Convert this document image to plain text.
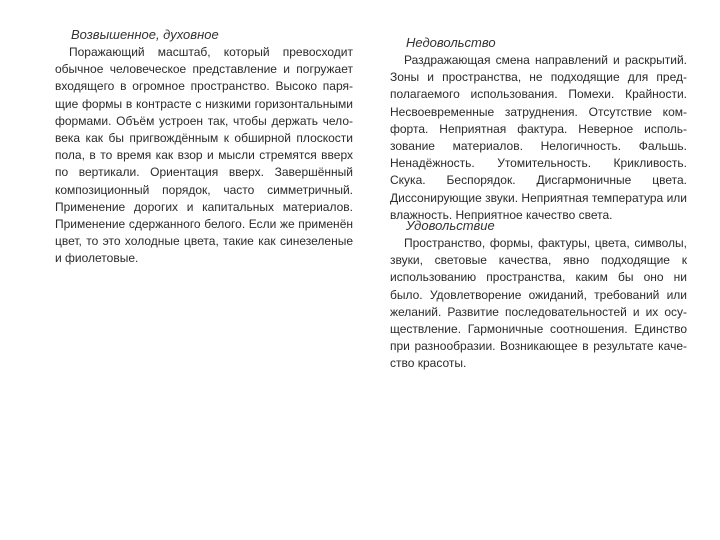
Возвышенное, духовное

Поражающий масштаб, который превосходит обычное человеческое представление и погружает входящего в огромное пространство. Высоко парящие формы в контрасте с низкими горизонтальными формами. Объём устроен так, чтобы держать человека как бы пригвождённым к обширной плоскости пола, в то время как взор и мысли стремятся вверх по вертикали. Ориентация вверх. Завершённый композиционный порядок, часто симметричный. Применение дорогих и капитальных материалов. Применение сдержанного белого. Если же применён цвет, то это холодные цвета, такие как синезеленые и фиолетовые.

Недовольство

Раздражающая смена направлений и раскрытий. Зоны и пространства, не подходящие для предполагаемого использования. Помехи. Крайности. Несвоевременные затруднения. Отсутствие комфорта. Неприятная фактура. Неверное использование материалов. Нелогичность. Фальшь. Ненадёжность. Утомительность. Крикливость. Скука. Беспорядок. Дисгармоничные цвета. Диссонирующие звуки. Неприятная температура или влажность. Неприятное качество света.

Удовольствие

Пространство, формы, фактуры, цвета, символы, звуки, световые качества, явно подходящие к использованию пространства, каким бы оно ни было. Удовлетворение ожиданий, требований или желаний. Развитие последовательностей и их осуществление. Гармоничные соотношения. Единство при разнообразии. Возникающее в результате качество красоты.
